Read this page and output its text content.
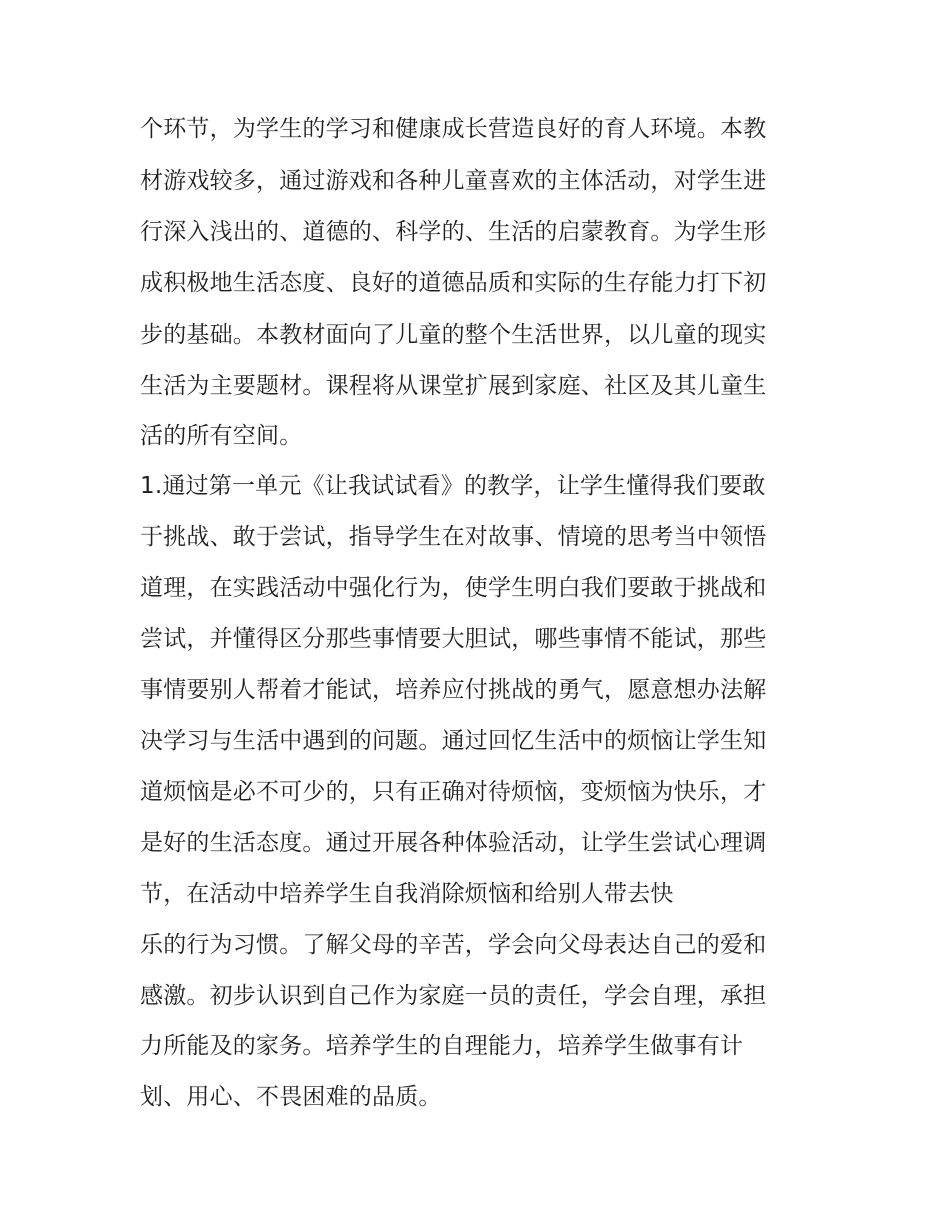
个环节，为学生的学习和健康成长营造良好的育人环境。本教

材游戏较多，通过游戏和各种儿童喜欢的主体活动，对学生进

行深入浅出的、道德的、科学的、生活的启蒙教育。为学生形

成积极地生活态度、良好的道德品质和实际的生存能力打下初

步的基础。本教材面向了儿童的整个生活世界，以儿童的现实

生活为主要题材。课程将从课堂扩展到家庭、社区及其儿童生

活的所有空间。

1.通过第一单元《让我试试看》的教学，让学生懂得我们要敢

于挑战、敢于尝试，指导学生在对故事、情境的思考当中领悟

道理，在实践活动中强化行为，使学生明白我们要敢于挑战和

尝试，并懂得区分那些事情要大胆试，哪些事情不能试，那些

事情要别人帮着才能试，培养应付挑战的勇气，愿意想办法解

决学习与生活中遇到的问题。通过回忆生活中的烦恼让学生知

道烦恼是必不可少的，只有正确对待烦恼，变烦恼为快乐，才

是好的生活态度。通过开展各种体验活动，让学生尝试心理调

节，在活动中培养学生自我消除烦恼和给别人带去快

乐的行为习惯。了解父母的辛苦，学会向父母表达自己的爱和

感激。初步认识到自己作为家庭一员的责任，学会自理，承担

力所能及的家务。培养学生的自理能力，培养学生做事有计

划、用心、不畏困难的品质。
